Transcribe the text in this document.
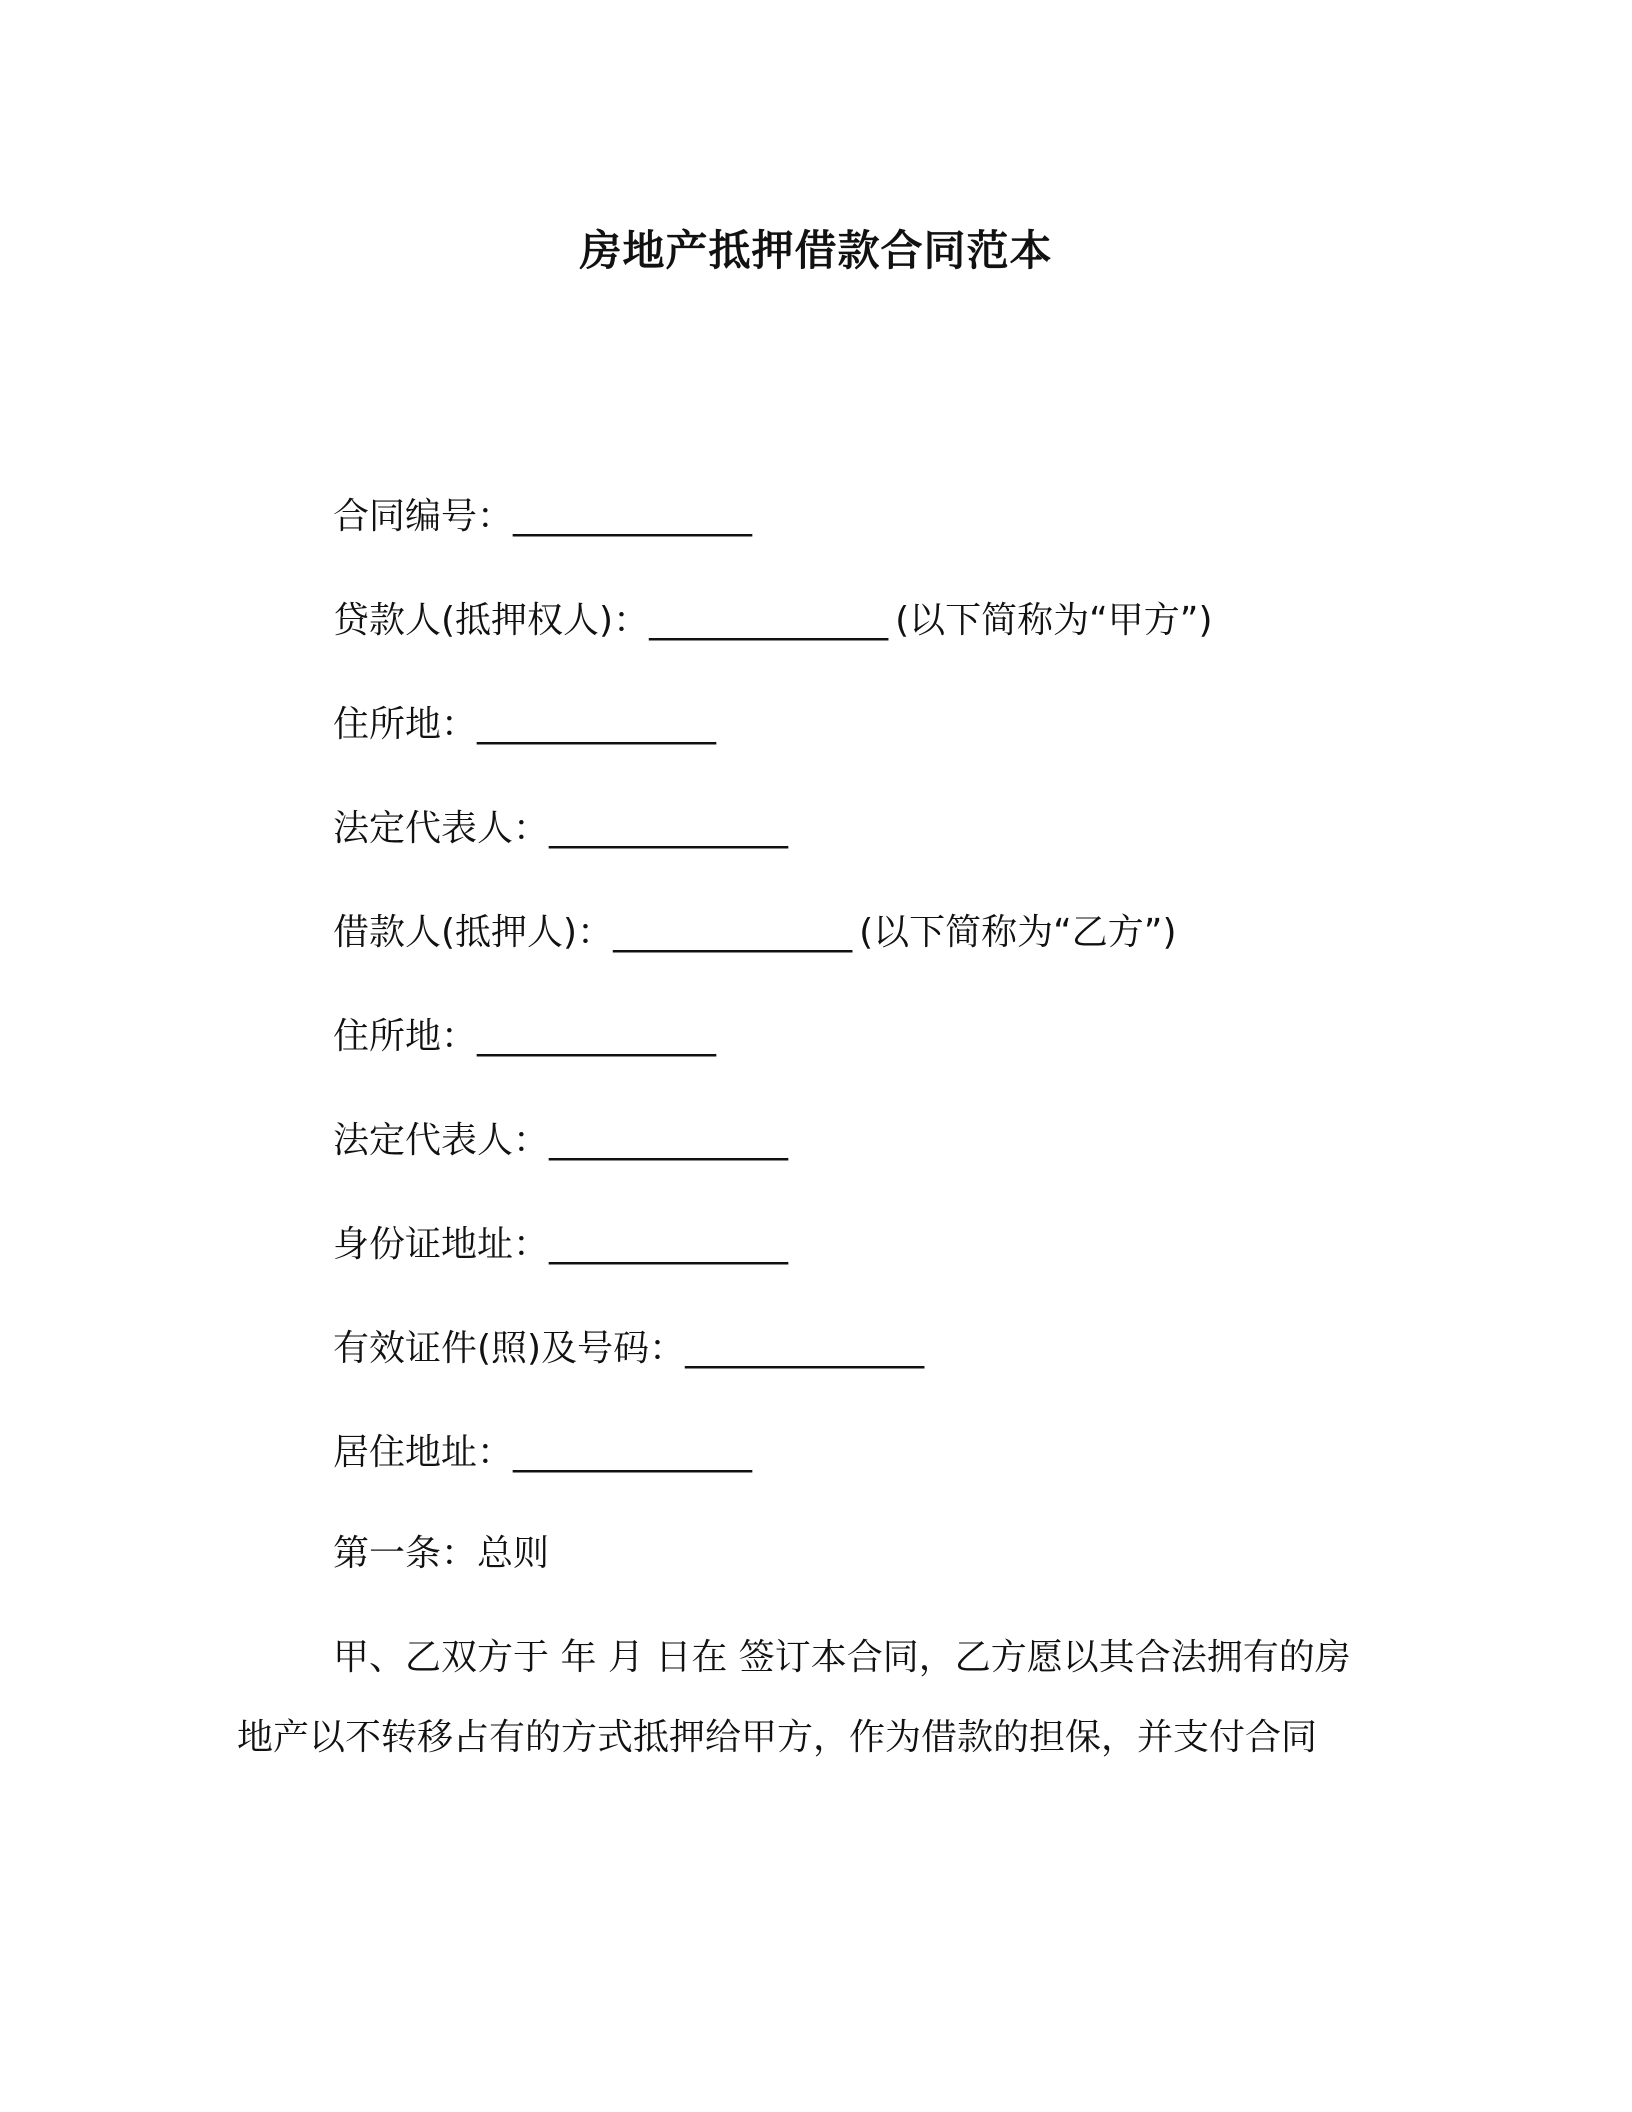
房地产抵押借款合同范本
合同编号：______________
贷款人(抵押权人)：______________ (以下简称为“甲方”)
住所地：______________
法定代表人：______________
借款人(抵押人)：______________ (以下简称为“乙方”)
住所地：______________
法定代表人：______________
身份证地址：______________
有效证件(照)及号码：______________
居住地址：______________
第一条：总则
甲、乙双方于 年 月 日在 签订本合同，乙方愿以其合法拥有的房
地产以不转移占有的方式抵押给甲方，作为借款的担保，并支付合同
